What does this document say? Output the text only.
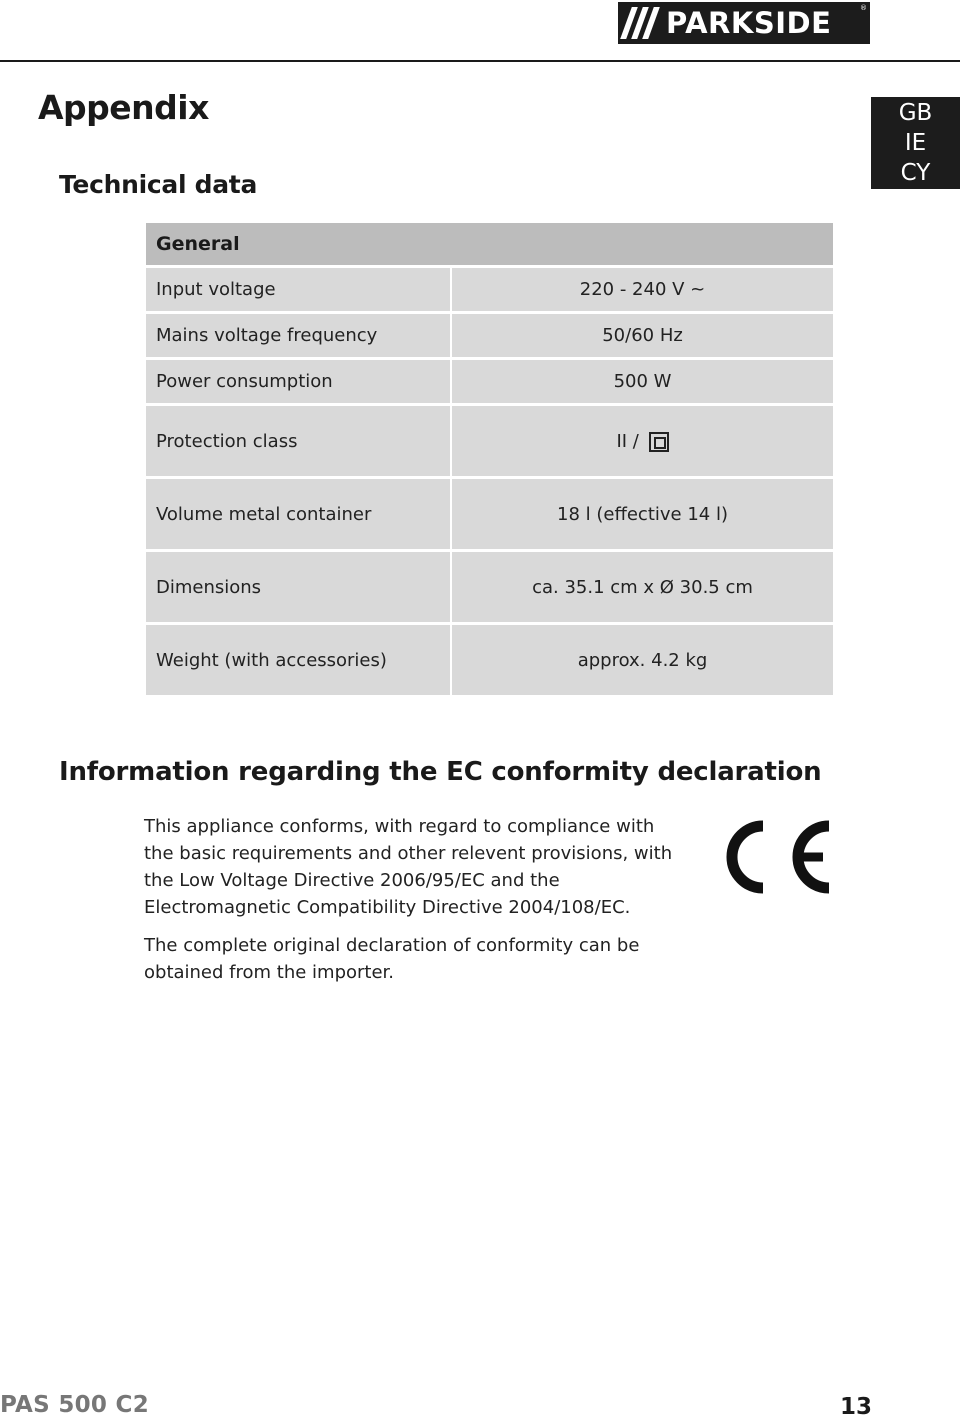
PARKSIDE	®
Appendix	GB
IE
CY
Technical data
General	
Input voltage	220 - 240 V ~
Mains voltage frequency	50/60 Hz
Power consumption	500 W
Protection class	II /
Volume metal container	18 l (effective 14 l)
Dimensions	ca. 35.1 cm x Ø 30.5 cm
Weight (with accessories)	approx. 4.2 kg
Information regarding the EC conformity declaration

This appliance conforms, with regard to compliance with the basic requirements and other relevent provisions, with the Low Voltage Directive 2006/95/EC and the Electromagnetic Compatibility Directive 2004/108/EC.

The complete original declaration of conformity can be obtained from the importer.

PAS 500 C2	13
